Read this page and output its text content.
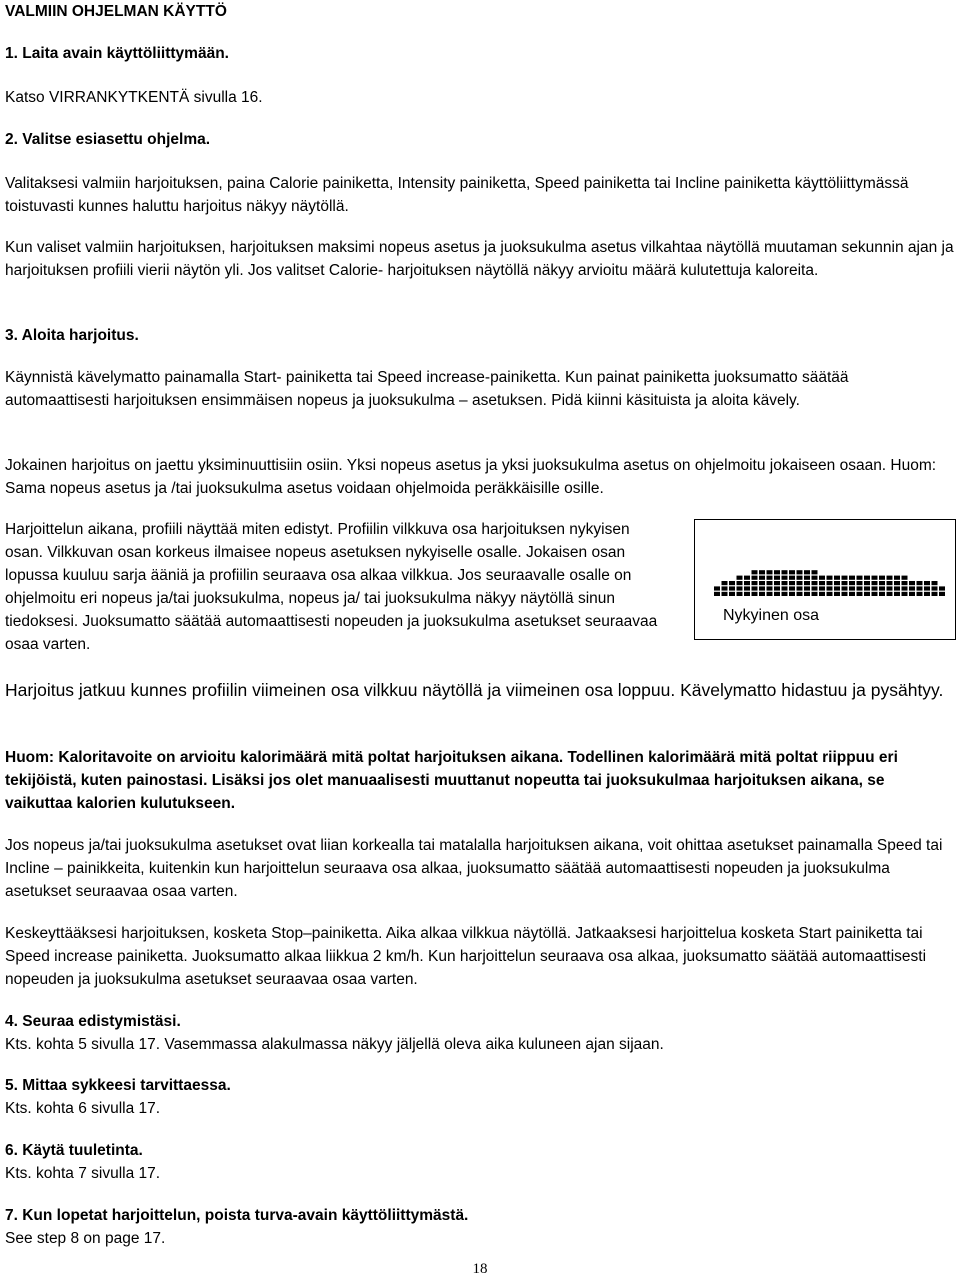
VALMIIN OHJELMAN KÄYTTÖ
1. Laita avain käyttöliittymään.
Katso VIRRANKYTKENTÄ sivulla 16.
2. Valitse esiasettu ohjelma.
Valitaksesi valmiin harjoituksen, paina Calorie painiketta, Intensity painiketta, Speed painiketta tai Incline painiketta käyttöliittymässä toistuvasti kunnes haluttu harjoitus näkyy näytöllä.
Kun valiset valmiin harjoituksen, harjoituksen maksimi nopeus asetus ja juoksukulma asetus vilkahtaa näytöllä muutaman sekunnin ajan ja harjoituksen profiili vierii näytön yli. Jos valitset Calorie- harjoituksen näytöllä näkyy arvioitu määrä kulutettuja kaloreita.
3. Aloita harjoitus.
Käynnistä kävelymatto painamalla Start- painiketta tai Speed increase-painiketta. Kun painat painiketta juoksumatto säätää automaattisesti harjoituksen ensimmäisen nopeus ja juoksukulma – asetuksen. Pidä kiinni käsituista ja aloita kävely.
Jokainen harjoitus on jaettu yksiminuuttisiin osiin. Yksi nopeus asetus ja yksi juoksukulma asetus on ohjelmoitu jokaiseen osaan. Huom: Sama nopeus asetus ja /tai juoksukulma asetus voidaan ohjelmoida peräkkäisille osille.
Harjoittelun aikana, profiili näyttää miten edistyt. Profiilin vilkkuva osa harjoituksen nykyisen osan. Vilkkuvan osan korkeus ilmaisee nopeus asetuksen nykyiselle osalle. Jokaisen osan lopussa kuuluu sarja ääniä ja profiilin seuraava osa alkaa vilkkua. Jos seuraavalle osalle on ohjelmoitu eri nopeus ja/tai juoksukulma, nopeus ja/ tai juoksukulma näkyy näytöllä sinun tiedoksesi. Juoksumatto säätää automaattisesti nopeuden ja juoksukulma asetukset seuraavaa osaa varten.
Harjoitus jatkuu kunnes profiilin viimeinen osa vilkkuu näytöllä ja viimeinen osa loppuu. Kävelymatto hidastuu ja pysähtyy.
Huom: Kaloritavoite on arvioitu kalorimäärä mitä poltat harjoituksen aikana. Todellinen kalorimäärä mitä poltat riippuu eri tekijöistä, kuten painostasi. Lisäksi jos olet manuaalisesti muuttanut nopeutta tai juoksukulmaa harjoituksen aikana, se vaikuttaa kalorien kulutukseen.
Jos nopeus ja/tai juoksukulma asetukset ovat liian korkealla tai matalalla harjoituksen aikana, voit ohittaa asetukset painamalla Speed tai Incline – painikkeita, kuitenkin kun harjoittelun seuraava osa alkaa, juoksumatto säätää automaattisesti nopeuden ja juoksukulma asetukset seuraavaa osaa varten.
Keskeyttääksesi harjoituksen, kosketa Stop–painiketta. Aika alkaa vilkkua näytöllä. Jatkaaksesi harjoittelua kosketa Start painiketta tai Speed increase painiketta. Juoksumatto alkaa liikkua 2 km/h. Kun harjoittelun seuraava osa alkaa, juoksumatto säätää automaattisesti nopeuden ja juoksukulma asetukset seuraavaa osaa varten.
4. Seuraa edistymistäsi.
Kts. kohta 5 sivulla 17. Vasemmassa alakulmassa näkyy jäljellä oleva aika kuluneen ajan sijaan.
5. Mittaa sykkeesi tarvittaessa.
Kts. kohta 6 sivulla 17.
6. Käytä tuuletinta.
Kts. kohta 7 sivulla 17.
7. Kun lopetat harjoittelun, poista turva-avain käyttöliittymästä.
See step 8 on page 17.
Nykyinen osa
18
